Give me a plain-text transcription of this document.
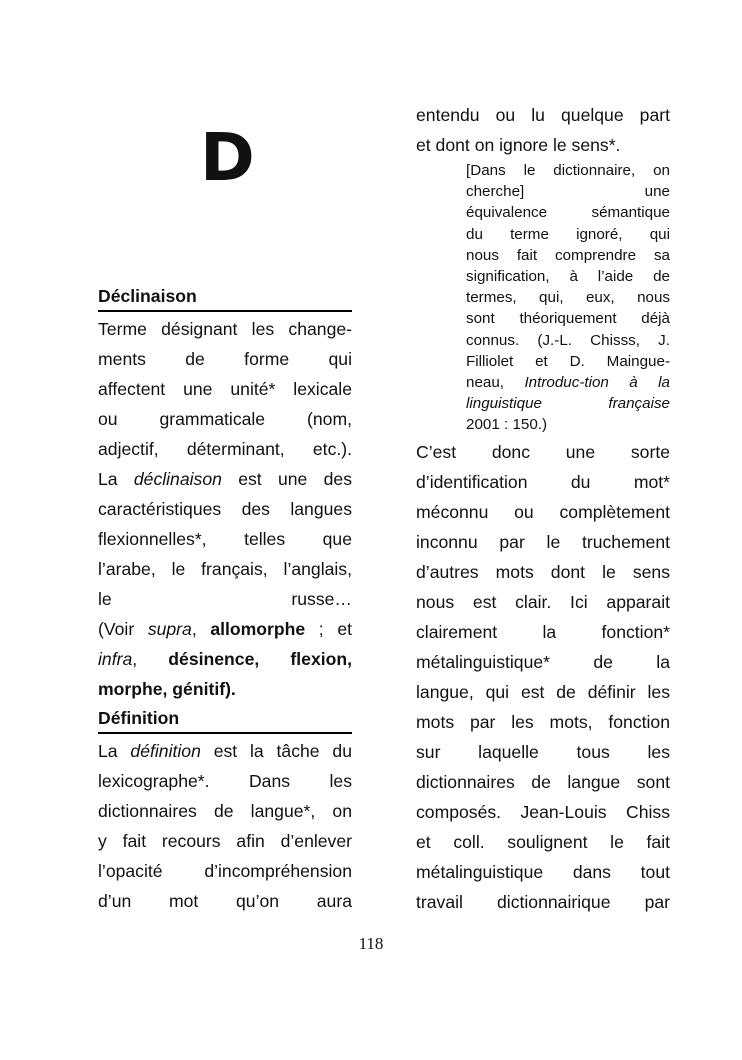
D
Déclinaison
Terme désignant les change-
ments de forme qui
affectent une unité* lexicale
ou grammaticale (nom,
adjectif, déterminant, etc.).
La déclinaison est une des
caractéristiques des langues
flexionnelles*, telles que
l’arabe, le français, l’anglais,
le russe…
(Voir supra, allomorphe ; et
infra, désinence, flexion,
morphe, génitif).
Définition
La définition est la tâche du
lexicographe*. Dans les
dictionnaires de langue*, on
y fait recours afin d’enlever
l’opacité d’incompréhension
d’un mot qu’on aura
entendu ou lu quelque part
et dont on ignore le sens*.
[Dans le dictionnaire, on
cherche] une
équivalence sémantique
du terme ignoré, qui
nous fait comprendre sa
signification, à l’aide de
termes, qui, eux, nous
sont théoriquement déjà
connus. (J.-L. Chisss, J.
Filliolet et D. Maingue-
neau, Introduc-tion à la
linguistique française
2001 : 150.)
C’est donc une sorte
d’identification du mot*
méconnu ou complètement
inconnu par le truchement
d’autres mots dont le sens
nous est clair. Ici apparait
clairement la fonction*
métalinguistique* de la
langue, qui est de définir les
mots par les mots, fonction
sur laquelle tous les
dictionnaires de langue sont
composés. Jean-Louis Chiss
et coll. soulignent le fait
métalinguistique dans tout
travail dictionnairique par
118
